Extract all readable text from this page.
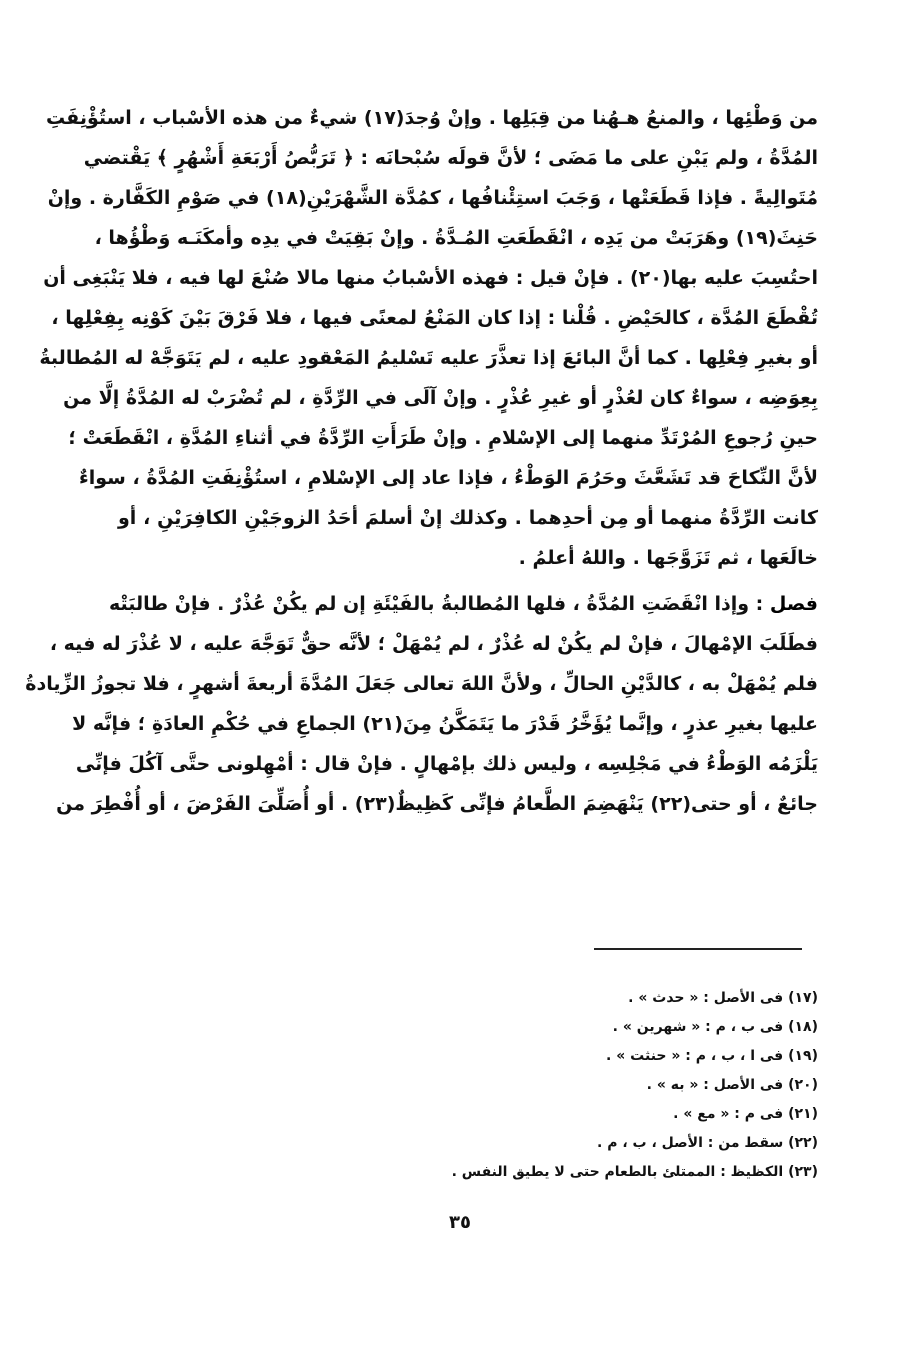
من وَطْئِها ، والمنعُ هـهُنا من قِبَلِها . وإنْ وُجدَ(١٧) شيءٌ من هذه الأسْباب ، استُؤْنِفَتِ
المُدَّةُ ، ولم يَبْنِ على ما مَضَى ؛ لأنَّ قولَه سُبْحانَه : ﴿ تَرَبُّصُ أَرْبَعَةِ أَشْهُرٍ ﴾ يَقْتضي
مُتَوالِيةً . فإذا قَطَعَتْها ، وَجَبَ استِئْنافُها ، كمُدَّة الشَّهْرَيْنِ(١٨) في صَوْمِ الكَفَّارة . وإنْ
حَنِثَ(١٩) وهَرَبَتْ من يَدِه ، انْقَطَعَتِ المُـدَّةُ . وإنْ بَقِيَتْ في يدِه وأمكَنَـه وَطْؤُها ،
احتُسِبَ عليه بها(٢٠) . فإنْ قيل : فهذه الأسْبابُ منها مالا صُنْعَ لها فيه ، فلا يَنْبَغِى أن
تُقْطَعَ المُدَّة ، كالحَيْضِ . قُلْنا : إذا كان المَنْعُ لمعنًى فيها ، فلا فَرْقَ بَيْنَ كَوْنِه بِفِعْلِها ،
أو بغيرِ فِعْلِها . كما أنَّ البائعَ إذا تعذَّرَ عليه تَسْليمُ المَعْقودِ عليه ، لم يَتَوَجَّهْ له المُطالبةُ
بِعِوَضِه ، سواءٌ كان لعُذْرٍ أو غيرِ عُذْرٍ . وإنْ آلَى في الرِّدَّةِ ، لم تُضْرَبْ له المُدَّةُ إلَّا من
حينِ رُجوعِ المُرْتَدِّ منهما إلى الإسْلامِ . وإنْ طَرَأَتِ الرِّدَّةُ في أثناءِ المُدَّةِ ، انْقَطَعَتْ ؛
لأنَّ النِّكاحَ قد تَشَعَّثَ وحَرُمَ الوَطْءُ ، فإذا عاد إلى الإسْلامِ ، استُؤْنِفَتِ المُدَّةُ ، سواءٌ
كانت الرِّدَّةُ منهما أو مِن أحدِهما . وكذلك إنْ أسلمَ أحَدُ الزوجَيْنِ الكافِرَيْنِ ، أو
خالَعَها ، ثم تَزَوَّجَها . واللهُ أعلمُ .
فصل : وإذا انْقَضَتِ المُدَّةُ ، فلها المُطالبةُ بالفَيْئَةِ إن لم يكُنْ عُذْرٌ . فإنْ طالبَتْه
فطَلَبَ الإمْهالَ ، فإنْ لم يكُنْ له عُذْرٌ ، لم يُمْهَلْ ؛ لأنَّه حقٌّ تَوَجَّهَ عليه ، لا عُذْرَ له فيه ،
فلم يُمْهَلْ به ، كالدَّيْنِ الحالِّ ، ولأنَّ اللهَ تعالى جَعَلَ المُدَّةَ أربعةَ أشهرٍ ، فلا تجوزُ الزِّيادةُ
عليها بغيرِ عذرٍ ، وإنَّما يُؤَخَّرُ قَدْرَ ما يَتَمَكَّنُ مِنَ(٢١) الجماعِ في حُكْمِ العادَةِ ؛ فإنَّه لا
يَلْزَمُه الوَطْءُ في مَجْلِسِه ، وليس ذلك بإمْهالٍ . فإنْ قال : أمْهِلونى حتَّى آكُلَ فإنِّى
جائعٌ ، أو حتى(٢٢) يَنْهَضِمَ الطَّعامُ فإنِّى كَظِيظٌ(٢٣) . أو أُصَلِّىَ الفَرْضَ ، أو أُفْطِرَ من
(١٧) فى الأصل : « حدث » .
(١٨) فى ب ، م : « شهرين » .
(١٩) فى ا ، ب ، م : « حنثت » .
(٢٠) فى الأصل : « به » .
(٢١) فى م : « مع » .
(٢٢) سقط من : الأصل ، ب ، م .
(٢٣) الكظيظ : الممتلئ بالطعام حتى لا يطيق النفس .
٣٥
